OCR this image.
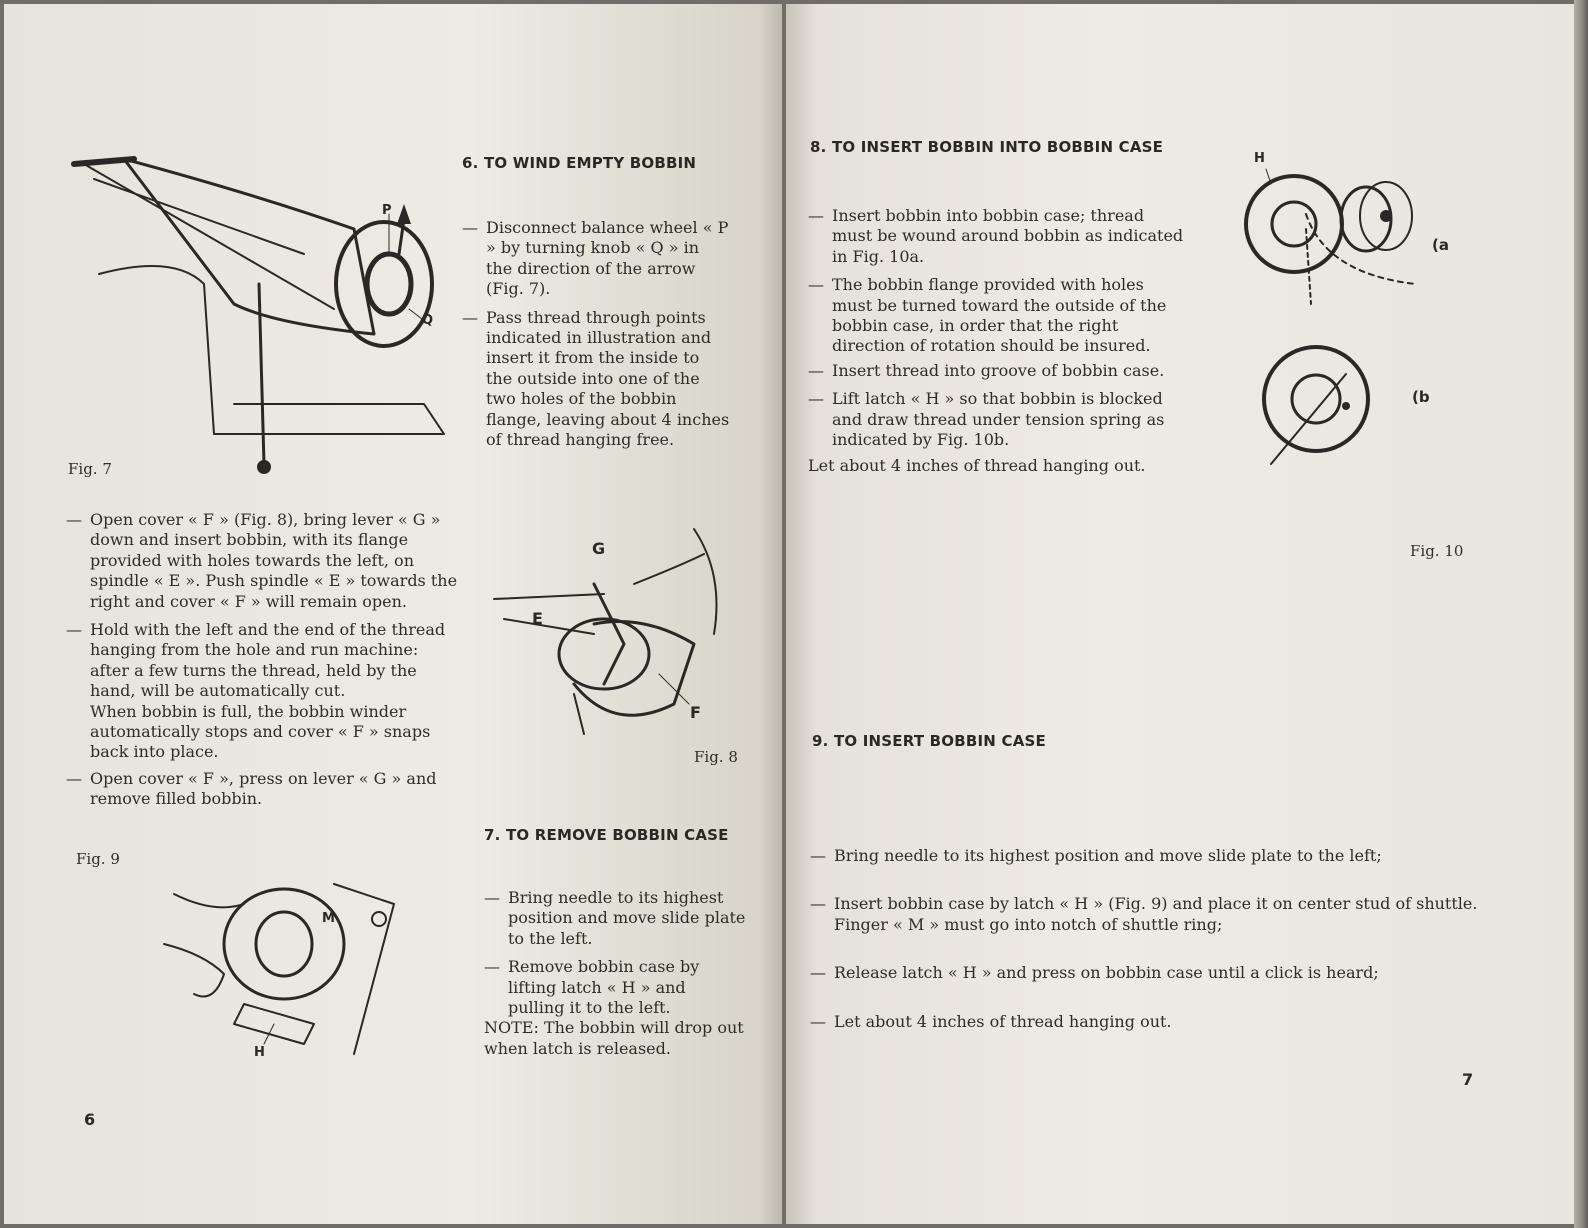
P
Q
Fig. 7
— Open cover « F » (Fig. 8), bring lever « G » down and insert bobbin, with its flange provided with holes towards the left, on spindle « E ». Push spindle « E » towards the right and cover « F » will remain open.
— Hold with the left and the end of the thread hanging from the hole and run machine: after a few turns the thread, held by the hand, will be automatically cut.
When bobbin is full, the bobbin winder automatically stops and cover « F » snaps back into place.
— Open cover « F », press on lever « G » and remove filled bobbin.
Fig. 9
M
H
6
6. TO WIND EMPTY BOBBIN
— Disconnect balance wheel « P » by turning knob « Q » in the direction of the arrow (Fig. 7).
— Pass thread through points indicated in illustration and insert it from the inside to the outside into one of the two holes of the bobbin flange, leaving about 4 inches of thread hanging free.
G
E
F
Fig. 8
7. TO REMOVE BOBBIN CASE
— Bring needle to its highest position and move slide plate to the left.
— Remove bobbin case by lifting latch « H » and pulling it to the left.
NOTE: The bobbin will drop out when latch is released.
8. TO INSERT BOBBIN INTO BOBBIN CASE
— Insert bobbin into bobbin case; thread must be wound around bobbin as indicated in Fig. 10a.
— The bobbin flange provided with holes must be turned toward the outside of the bobbin case, in order that the right direction of rotation should be insured.
— Insert thread into groove of bobbin case.
— Lift latch « H » so that bobbin is blocked and draw thread under tension spring as indicated by Fig. 10b.
Let about 4 inches of thread hanging out.
H
(a
(b
Fig. 10
9. TO INSERT BOBBIN CASE
— Bring needle to its highest position and move slide plate to the left;
— Insert bobbin case by latch « H » (Fig. 9) and place it on center stud of shuttle. Finger « M » must go into notch of shuttle ring;
— Release latch « H » and press on bobbin case until a click is heard;
— Let about 4 inches of thread hanging out.
7
